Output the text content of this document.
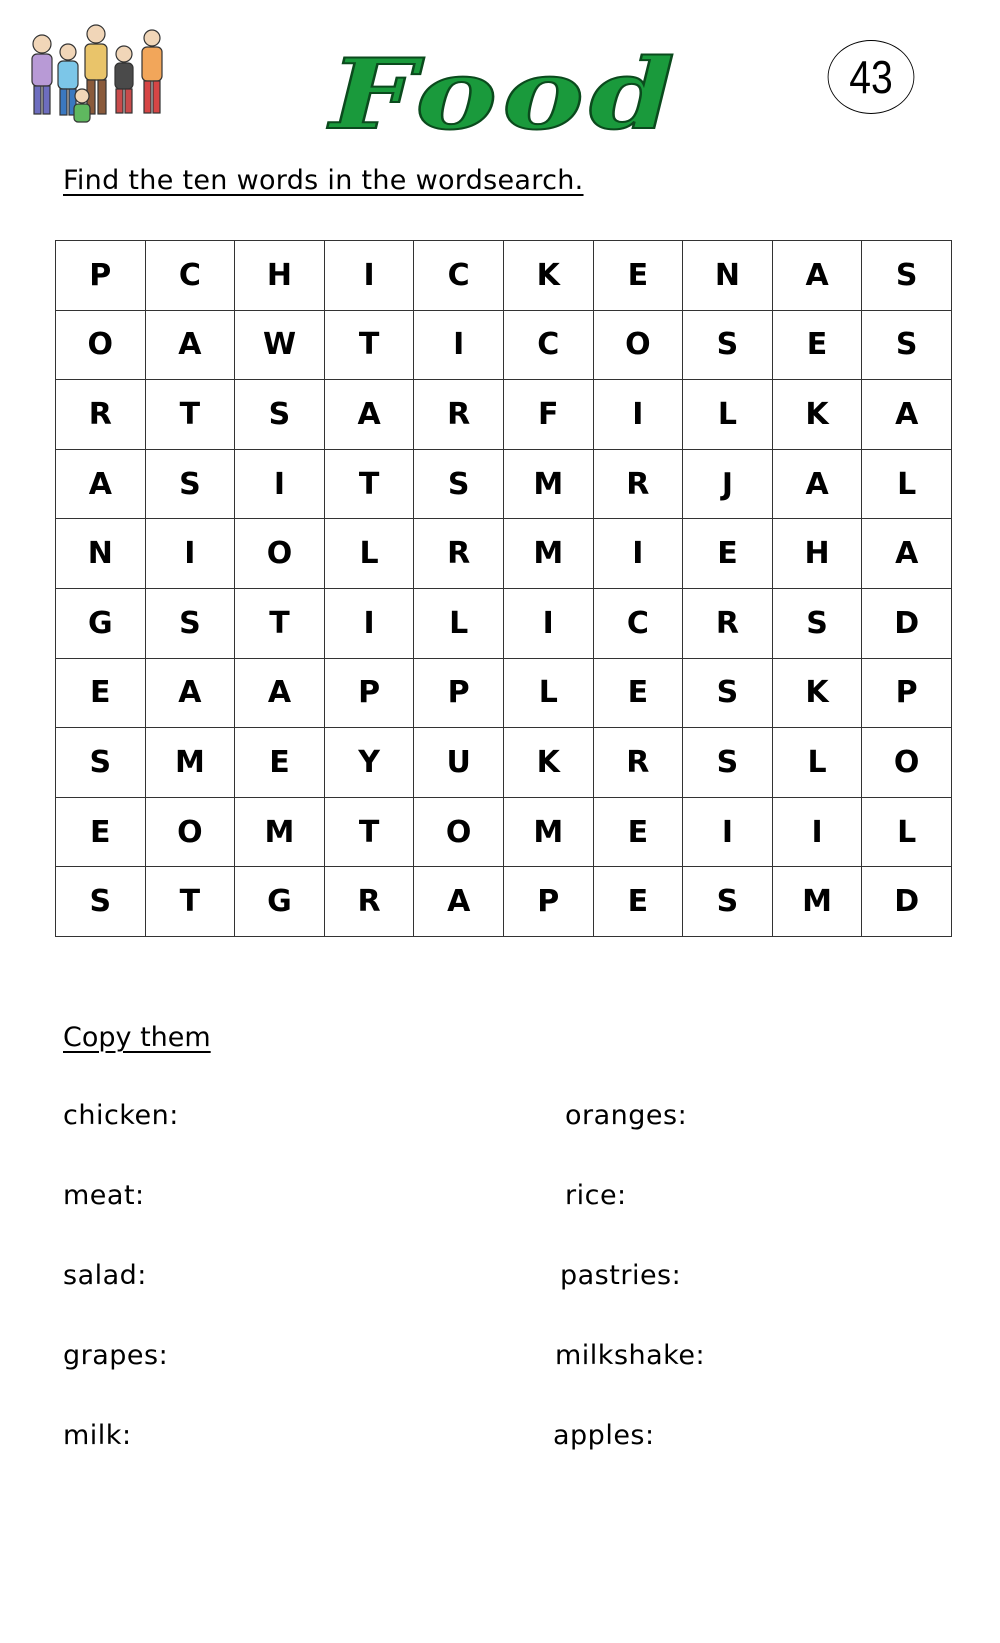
Food	43
Find the ten words in the wordsearch.
P	C	H	I	C	K	E	N	A	S
O	A	W	T	I	C	O	S	E	S
R	T	S	A	R	F	I	L	K	A
A	S	I	T	S	M	R	J	A	L
N	I	O	L	R	M	I	E	H	A
G	S	T	I	L	I	C	R	S	D
E	A	A	P	P	L	E	S	K	P
S	M	E	Y	U	K	R	S	L	O
E	O	M	T	O	M	E	I	I	L
S	T	G	R	A	P	E	S	M	D
Copy them
chicken:
meat:
salad:
grapes:
milk:
oranges:
rice:
pastries:
milkshake:
apples:
